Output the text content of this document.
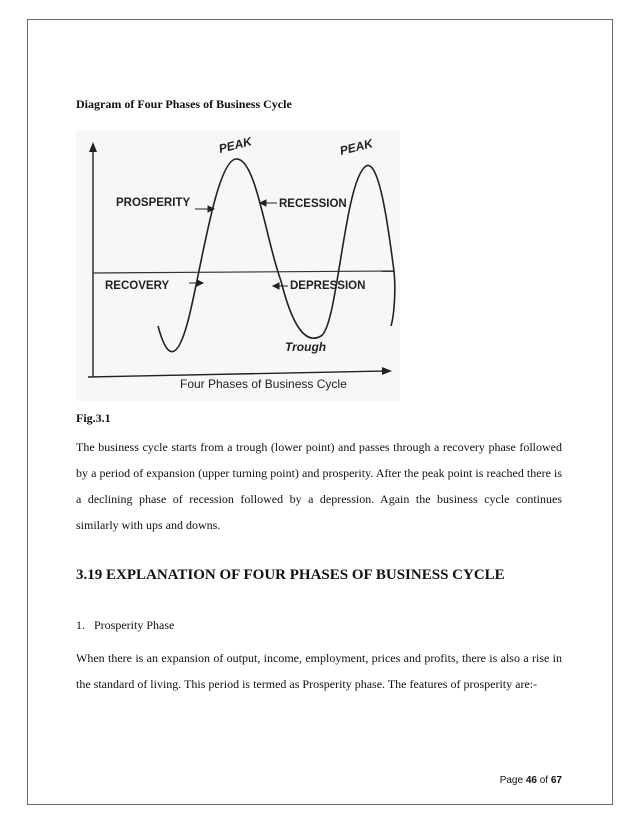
Diagram of Four Phases of Business Cycle
PEAK	PEAK
PROSPERITY	RECESSION
RECOVERY	DEPRESSION
Trough
Four Phases of Business Cycle
Fig.3.1

The business cycle starts from a trough (lower point) and passes through a recovery phase followed by a period of expansion (upper turning point) and prosperity. After the peak point is reached there is a declining phase of recession followed by a depression. Again the business cycle continues similarly with ups and downs.

3.19 EXPLANATION OF FOUR PHASES OF BUSINESS CYCLE
1. Prosperity Phase

When there is an expansion of output, income, employment, prices and profits, there is also a rise in the standard of living. This period is termed as Prosperity phase. The features of prosperity are:-

Page 46 of 67
